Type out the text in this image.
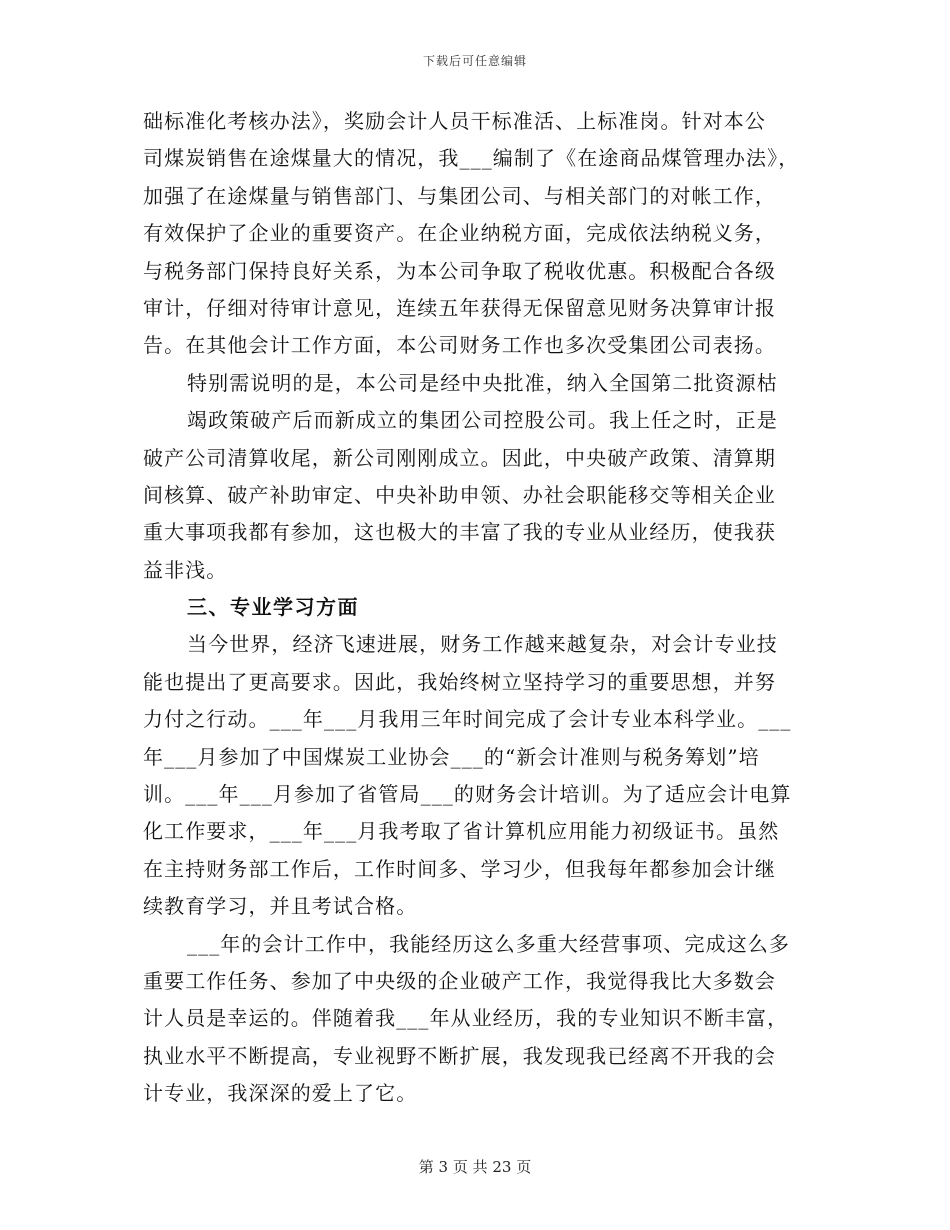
下载后可任意编辑
础标准化考核办法》，奖励会计人员干标准活、上标准岗。针对本公
司煤炭销售在途煤量大的情况，我___编制了《在途商品煤管理办法》，
加强了在途煤量与销售部门、与集团公司、与相关部门的对帐工作，
有效保护了企业的重要资产。在企业纳税方面，完成依法纳税义务，
与税务部门保持良好关系，为本公司争取了税收优惠。积极配合各级
审计，仔细对待审计意见，连续五年获得无保留意见财务决算审计报
告。在其他会计工作方面，本公司财务工作也多次受集团公司表扬。
特别需说明的是，本公司是经中央批准，纳入全国第二批资源枯
竭政策破产后而新成立的集团公司控股公司。我上任之时，正是
破产公司清算收尾，新公司刚刚成立。因此，中央破产政策、清算期
间核算、破产补助审定、中央补助申领、办社会职能移交等相关企业
重大事项我都有参加，这也极大的丰富了我的专业从业经历，使我获
益非浅。
三、专业学习方面
当今世界，经济飞速进展，财务工作越来越复杂，对会计专业技
能也提出了更高要求。因此，我始终树立坚持学习的重要思想，并努
力付之行动。___年___月我用三年时间完成了会计专业本科学业。___
年___月参加了中国煤炭工业协会___的“新会计准则与税务筹划”培
训。___年___月参加了省管局___的财务会计培训。为了适应会计电算
化工作要求，___年___月我考取了省计算机应用能力初级证书。虽然
在主持财务部工作后，工作时间多、学习少，但我每年都参加会计继
续教育学习，并且考试合格。
___年的会计工作中，我能经历这么多重大经营事项、完成这么多
重要工作任务、参加了中央级的企业破产工作，我觉得我比大多数会
计人员是幸运的。伴随着我___年从业经历，我的专业知识不断丰富，
执业水平不断提高，专业视野不断扩展，我发现我已经离不开我的会
计专业，我深深的爱上了它。
第 3 页 共 23 页
